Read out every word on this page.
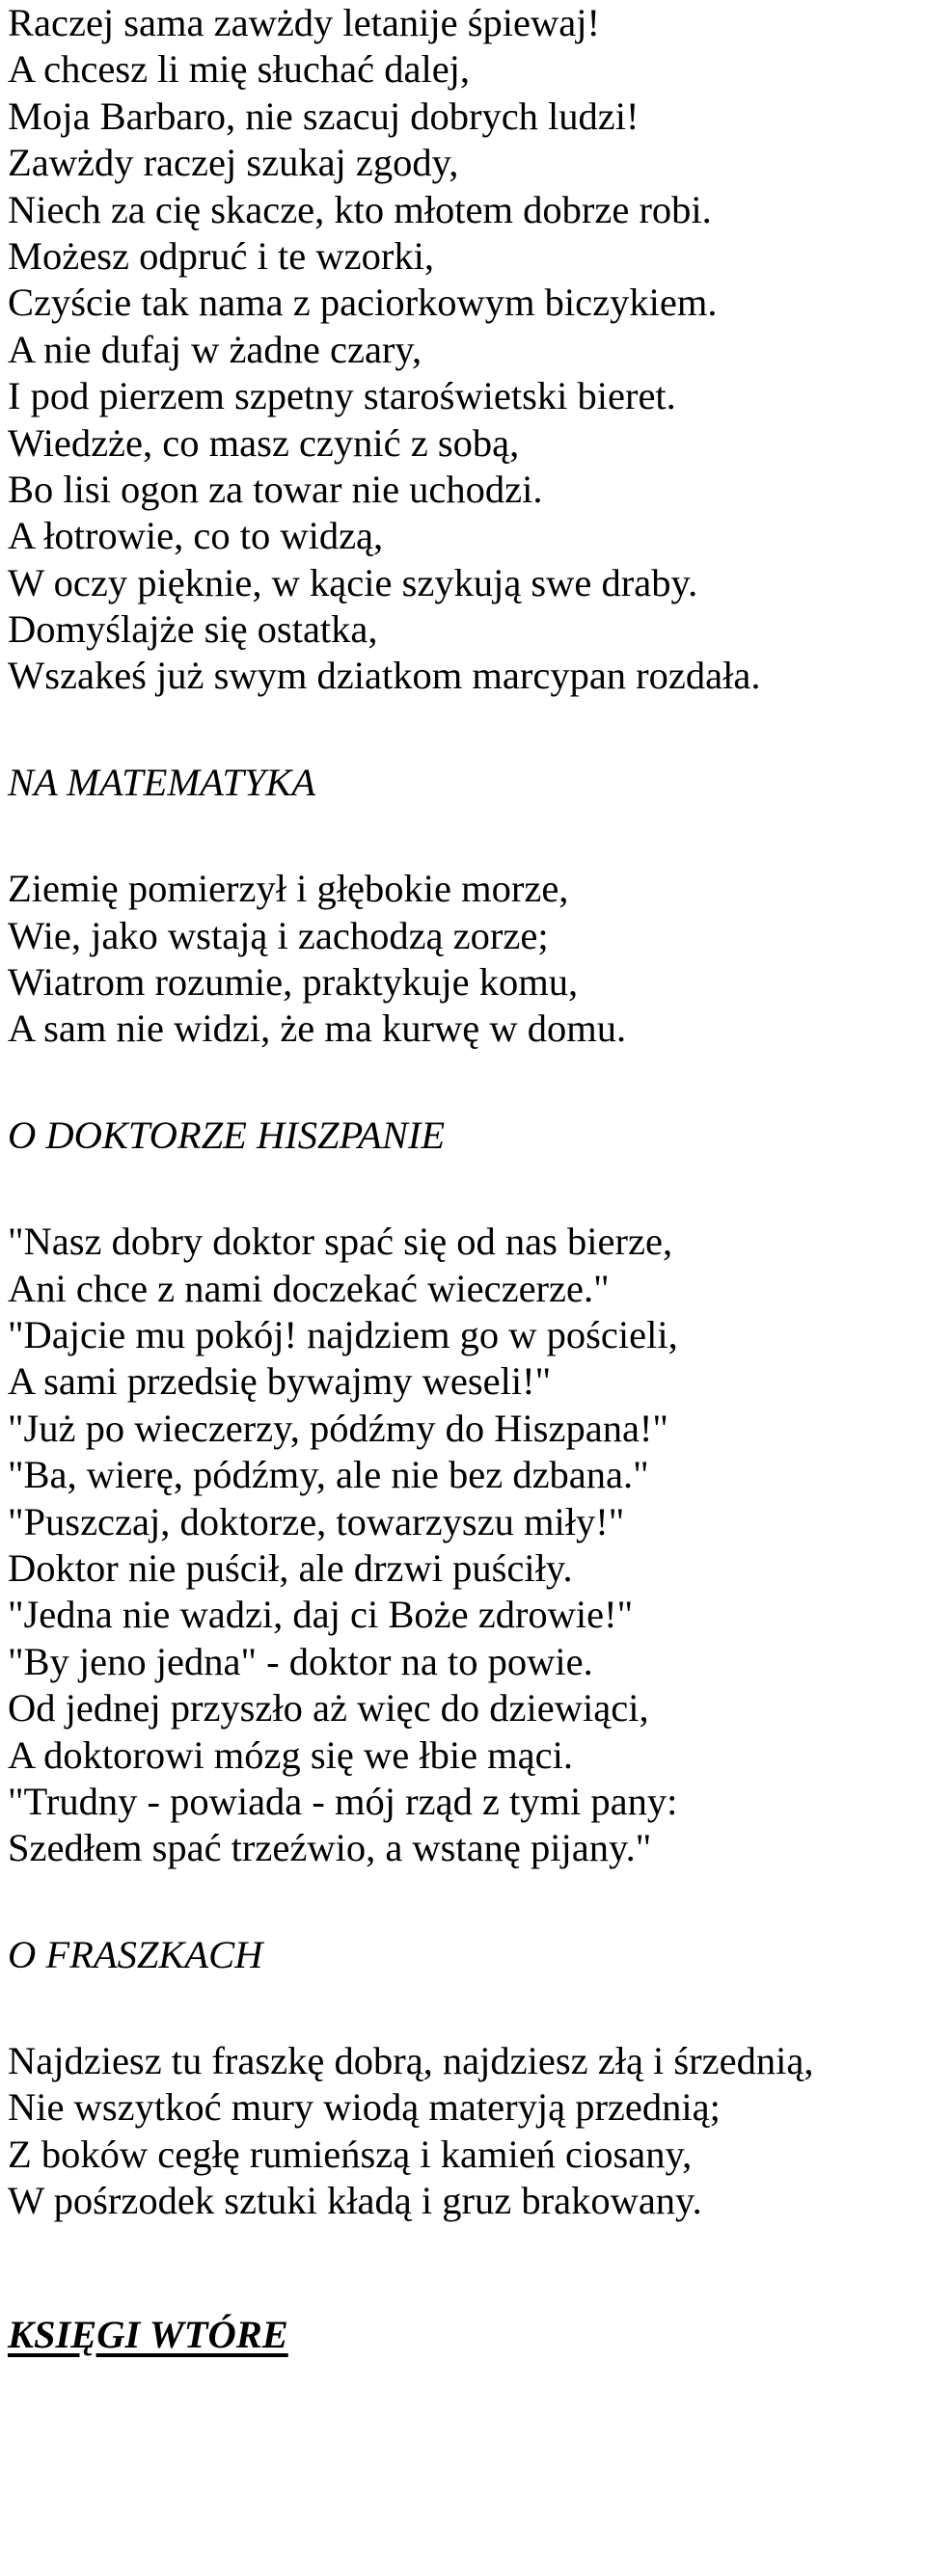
Raczej sama zawżdy letanije śpiewaj!
A chcesz li mię słuchać dalej,
Moja Barbaro, nie szacuj dobrych ludzi!
Zawżdy raczej szukaj zgody,
Niech za cię skacze, kto młotem dobrze robi.
Możesz odpruć i te wzorki,
Czyście tak nama z paciorkowym biczykiem.
A nie dufaj w żadne czary,
I pod pierzem szpetny staroświetski bieret.
Wiedzże, co masz czynić z sobą,
Bo lisi ogon za towar nie uchodzi.
A łotrowie, co to widzą,
W oczy pięknie, w kącie szykują swe draby.
Domyślajże się ostatka,
Wszakeś już swym dziatkom marcypan rozdała.
NA MATEMATYKA
Ziemię pomierzył i głębokie morze,
Wie, jako wstają i zachodzą zorze;
Wiatrom rozumie, praktykuje komu,
A sam nie widzi, że ma kurwę w domu.
O DOKTORZE HISZPANIE
"Nasz dobry doktor spać się od nas bierze,
Ani chce z nami doczekać wieczerze."
"Dajcie mu pokój! najdziem go w pościeli,
A sami przedsię bywajmy weseli!"
"Już po wieczerzy, pódźmy do Hiszpana!"
"Ba, wierę, pódźmy, ale nie bez dzbana."
"Puszczaj, doktorze, towarzyszu miły!"
Doktor nie puścił, ale drzwi puściły.
"Jedna nie wadzi, daj ci Boże zdrowie!"
"By jeno jedna" - doktor na to powie.
Od jednej przyszło aż więc do dziewiąci,
A doktorowi mózg się we łbie mąci.
"Trudny - powiada - mój rząd z tymi pany:
Szedłem spać trzeźwio, a wstanę pijany."
O FRASZKACH
Najdziesz tu fraszkę dobrą, najdziesz złą i śrzednią,
Nie wszytkoć mury wiodą materyją przednią;
Z boków cegłę rumieńszą i kamień ciosany,
W pośrzodek sztuki kładą i gruz brakowany.
KSIĘGI WTÓRE
